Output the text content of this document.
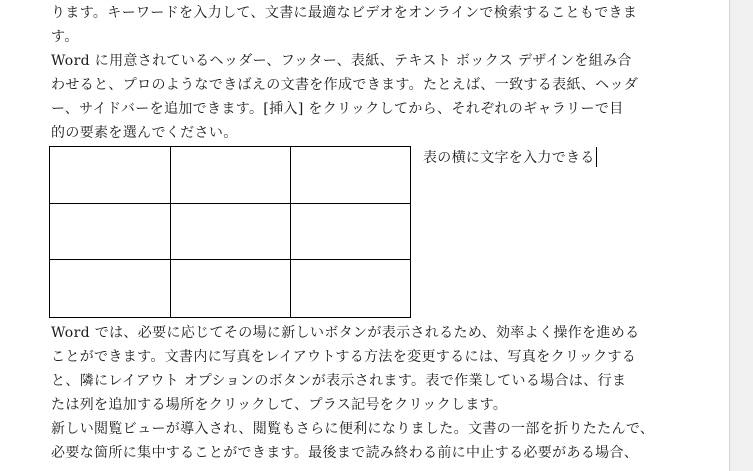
ります。キーワードを入力して、文書に最適なビデオをオンラインで検索することもできま
す。
Word に用意されているヘッダー、フッター、表紙、テキスト ボックス デザインを組み合
わせると、プロのようなできばえの文書を作成できます。たとえば、一致する表紙、ヘッダ
ー、サイドバーを追加できます。[挿入] をクリックしてから、それぞれのギャラリーで目
的の要素を選んでください。

表の横に文字を入力できる
Word では、必要に応じてその場に新しいボタンが表示されるため、効率よく操作を進める
ことができます。文書内に写真をレイアウトする方法を変更するには、写真をクリックする
と、隣にレイアウト オプションのボタンが表示されます。表で作業している場合は、行ま
たは列を追加する場所をクリックして、プラス記号をクリックします。
新しい閲覧ビューが導入され、閲覧もさらに便利になりました。文書の一部を折りたたんで、
必要な箇所に集中することができます。最後まで読み終わる前に中止する必要がある場合、
